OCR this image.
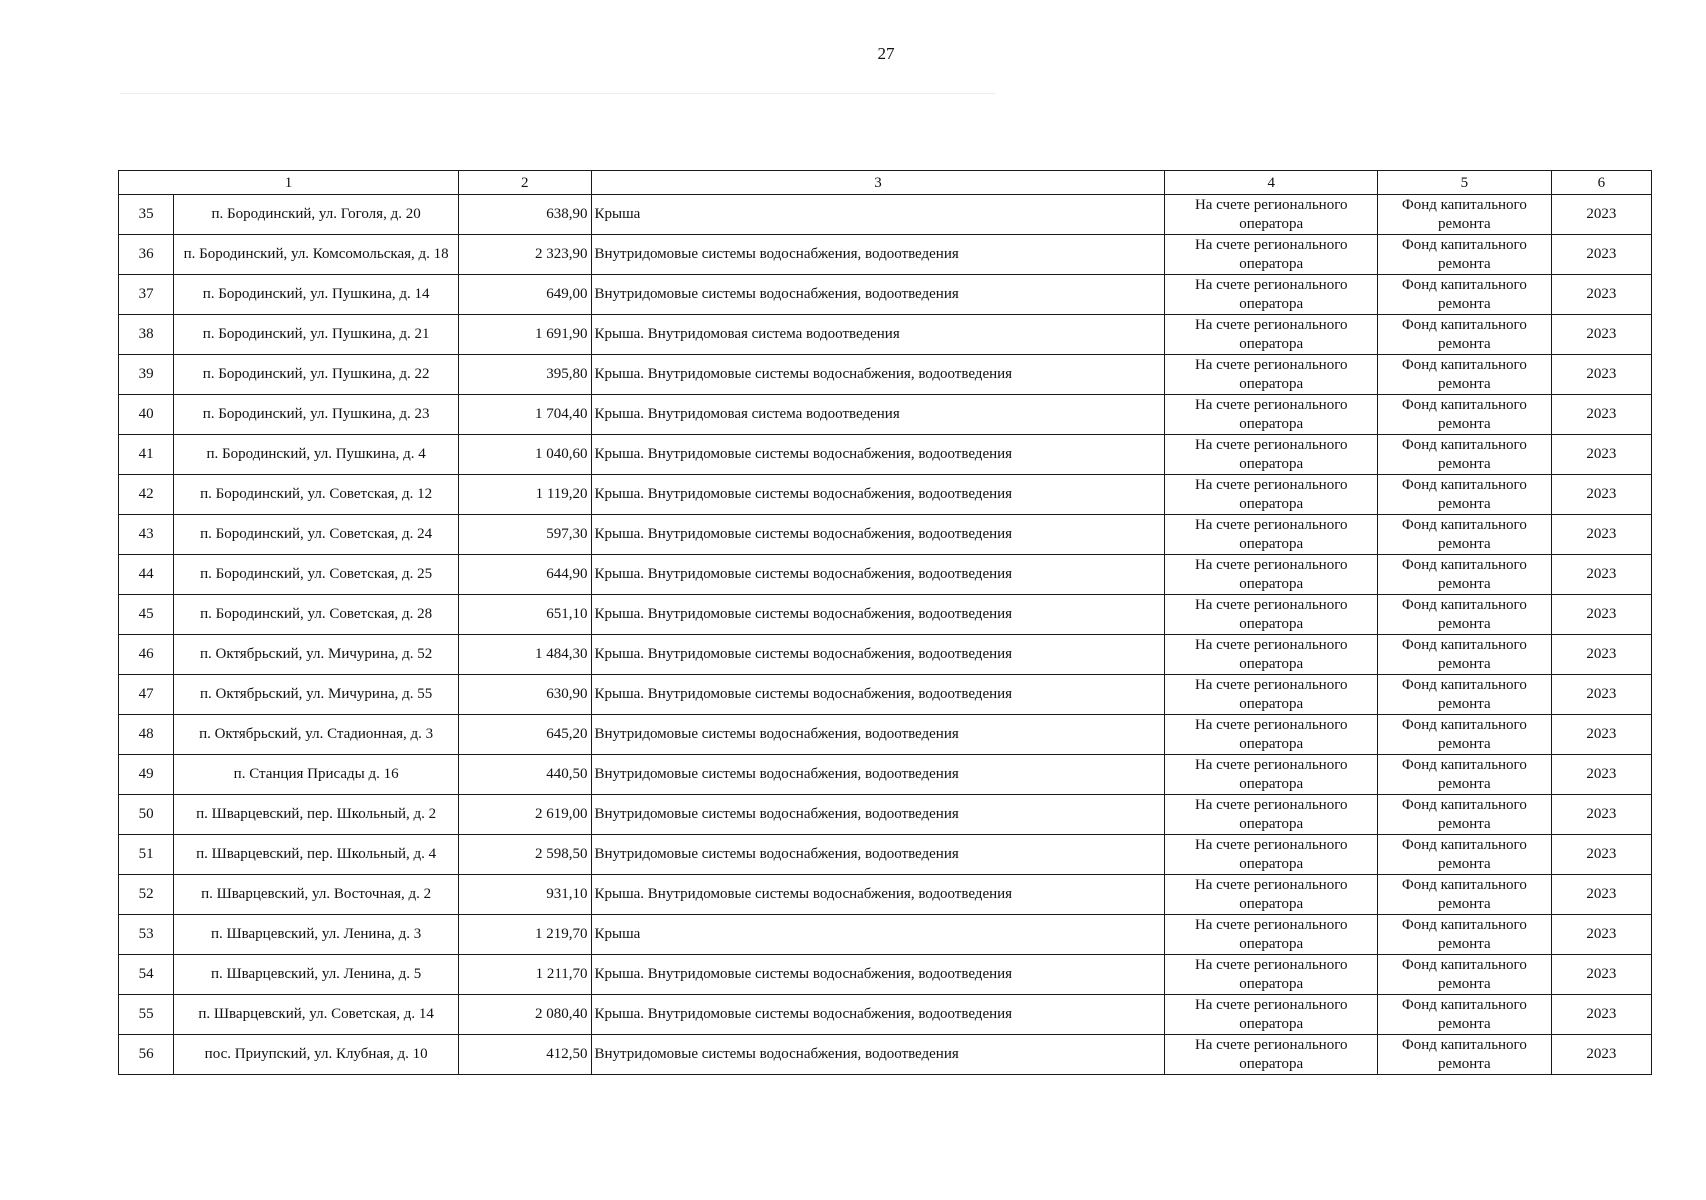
27
1		2	3	4	5	6
35	п. Бородинский, ул. Гоголя, д. 20	638,90	Крыша	На счете регионального оператора	Фонд капитального ремонта	2023
36	п. Бородинский, ул. Комсомольская, д. 18	2 323,90	Внутридомовые системы водоснабжения, водоотведения	На счете регионального оператора	Фонд капитального ремонта	2023
37	п. Бородинский, ул. Пушкина, д. 14	649,00	Внутридомовые системы водоснабжения, водоотведения	На счете регионального оператора	Фонд капитального ремонта	2023
38	п. Бородинский, ул. Пушкина, д. 21	1 691,90	Крыша. Внутридомовая система водоотведения	На счете регионального оператора	Фонд капитального ремонта	2023
39	п. Бородинский, ул. Пушкина, д. 22	395,80	Крыша. Внутридомовые системы водоснабжения, водоотведения	На счете регионального оператора	Фонд капитального ремонта	2023
40	п. Бородинский, ул. Пушкина, д. 23	1 704,40	Крыша. Внутридомовая система водоотведения	На счете регионального оператора	Фонд капитального ремонта	2023
41	п. Бородинский, ул. Пушкина, д. 4	1 040,60	Крыша. Внутридомовые системы водоснабжения, водоотведения	На счете регионального оператора	Фонд капитального ремонта	2023
42	п. Бородинский, ул. Советская, д. 12	1 119,20	Крыша. Внутридомовые системы водоснабжения, водоотведения	На счете регионального оператора	Фонд капитального ремонта	2023
43	п. Бородинский, ул. Советская, д. 24	597,30	Крыша. Внутридомовые системы водоснабжения, водоотведения	На счете регионального оператора	Фонд капитального ремонта	2023
44	п. Бородинский, ул. Советская, д. 25	644,90	Крыша. Внутридомовые системы водоснабжения, водоотведения	На счете регионального оператора	Фонд капитального ремонта	2023
45	п. Бородинский, ул. Советская, д. 28	651,10	Крыша. Внутридомовые системы водоснабжения, водоотведения	На счете регионального оператора	Фонд капитального ремонта	2023
46	п. Октябрьский, ул. Мичурина, д. 52	1 484,30	Крыша. Внутридомовые системы водоснабжения, водоотведения	На счете регионального оператора	Фонд капитального ремонта	2023
47	п. Октябрьский, ул. Мичурина, д. 55	630,90	Крыша. Внутридомовые системы водоснабжения, водоотведения	На счете регионального оператора	Фонд капитального ремонта	2023
48	п. Октябрьский, ул. Стадионная, д. 3	645,20	Внутридомовые системы водоснабжения, водоотведения	На счете регионального оператора	Фонд капитального ремонта	2023
49	п. Станция Присады д. 16	440,50	Внутридомовые системы водоснабжения, водоотведения	На счете регионального оператора	Фонд капитального ремонта	2023
50	п. Шварцевский, пер. Школьный, д. 2	2 619,00	Внутридомовые системы водоснабжения, водоотведения	На счете регионального оператора	Фонд капитального ремонта	2023
51	п. Шварцевский, пер. Школьный, д. 4	2 598,50	Внутридомовые системы водоснабжения, водоотведения	На счете регионального оператора	Фонд капитального ремонта	2023
52	п. Шварцевский, ул. Восточная, д. 2	931,10	Крыша. Внутридомовые системы водоснабжения, водоотведения	На счете регионального оператора	Фонд капитального ремонта	2023
53	п. Шварцевский, ул. Ленина, д. 3	1 219,70	Крыша	На счете регионального оператора	Фонд капитального ремонта	2023
54	п. Шварцевский, ул. Ленина, д. 5	1 211,70	Крыша. Внутридомовые системы водоснабжения, водоотведения	На счете регионального оператора	Фонд капитального ремонта	2023
55	п. Шварцевский, ул. Советская, д. 14	2 080,40	Крыша. Внутридомовые системы водоснабжения, водоотведения	На счете регионального оператора	Фонд капитального ремонта	2023
56	пос. Приупский, ул. Клубная, д. 10	412,50	Внутридомовые системы водоснабжения, водоотведения	На счете регионального оператора	Фонд капитального ремонта	2023
